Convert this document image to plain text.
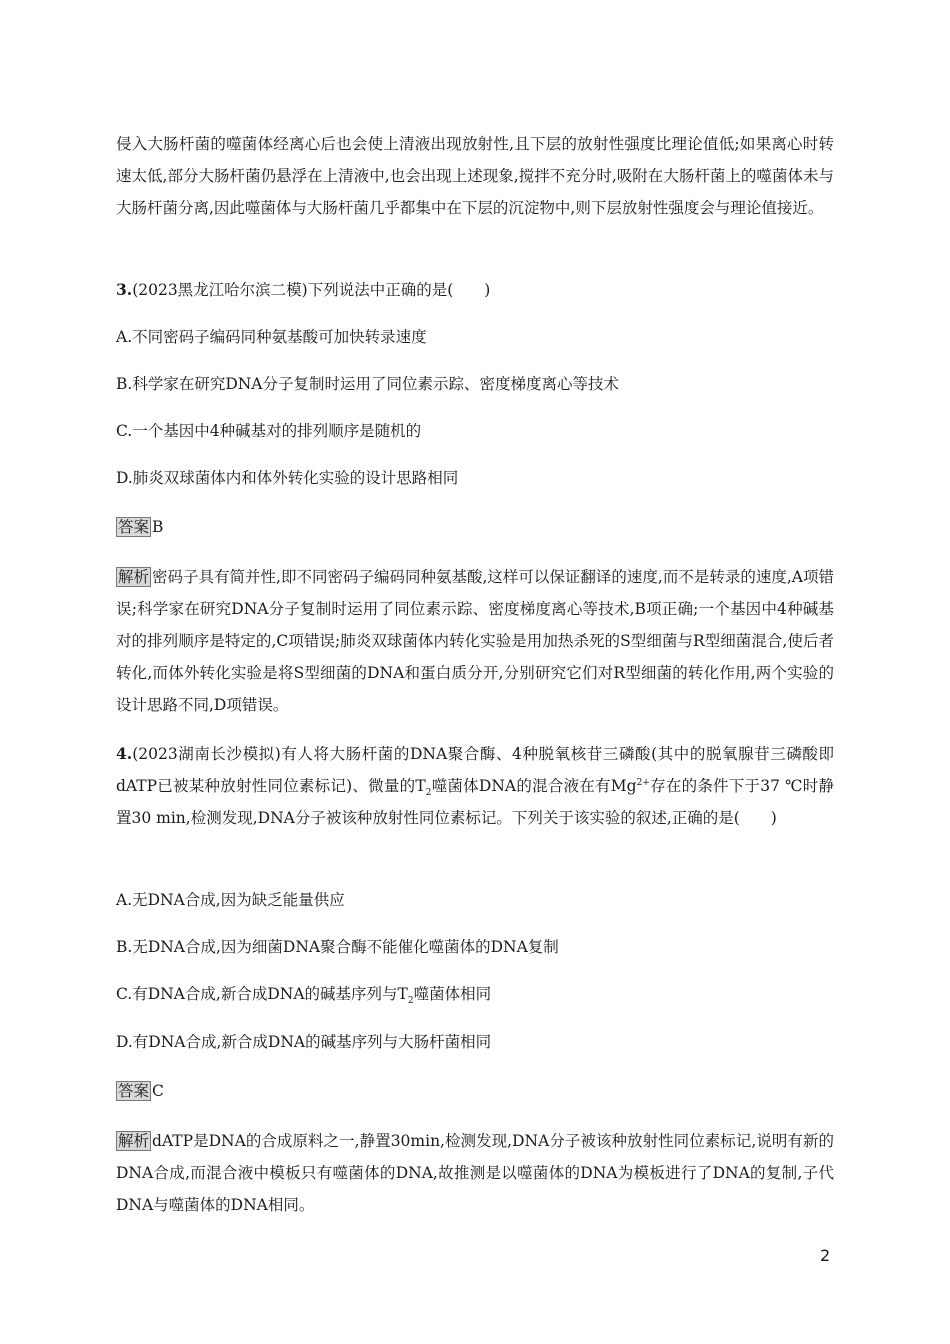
侵入大肠杆菌的噬菌体经离心后也会使上清液出现放射性,且下层的放射性强度比理论值低;如果离心时转速太低,部分大肠杆菌仍悬浮在上清液中,也会出现上述现象,搅拌不充分时,吸附在大肠杆菌上的噬菌体未与大肠杆菌分离,因此噬菌体与大肠杆菌几乎都集中在下层的沉淀物中,则下层放射性强度会与理论值接近。

3.(2023黑龙江哈尔滨二模)下列说法中正确的是(　　)

A.不同密码子编码同种氨基酸可加快转录速度

B.科学家在研究DNA分子复制时运用了同位素示踪、密度梯度离心等技术

C.一个基因中4种碱基对的排列顺序是随机的

D.肺炎双球菌体内和体外转化实验的设计思路相同

答案 B

解析 密码子具有简并性,即不同密码子编码同种氨基酸,这样可以保证翻译的速度,而不是转录的速度,A项错误;科学家在研究DNA分子复制时运用了同位素示踪、密度梯度离心等技术,B项正确;一个基因中4种碱基对的排列顺序是特定的,C项错误;肺炎双球菌体内转化实验是用加热杀死的S型细菌与R型细菌混合,使后者转化,而体外转化实验是将S型细菌的DNA和蛋白质分开,分别研究它们对R型细菌的转化作用,两个实验的设计思路不同,D项错误。

4.(2023湖南长沙模拟)有人将大肠杆菌的DNA聚合酶、4种脱氧核苷三磷酸(其中的脱氧腺苷三磷酸即dATP已被某种放射性同位素标记)、微量的$T_2$噬菌体DNA的混合液在有$Mg^{2+}$存在的条件下于37 ℃时静置30 min,检测发现,DNA分子被该种放射性同位素标记。下列关于该实验的叙述,正确的是(　　)

A.无DNA合成,因为缺乏能量供应

B.无DNA合成,因为细菌DNA聚合酶不能催化噬菌体的DNA复制

C.有DNA合成,新合成DNA的碱基序列与$T_2$噬菌体相同

D.有DNA合成,新合成DNA的碱基序列与大肠杆菌相同

答案 C

解析 dATP是DNA的合成原料之一,静置30min,检测发现,DNA分子被该种放射性同位素标记,说明有新的DNA合成,而混合液中模板只有噬菌体的DNA,故推测是以噬菌体的DNA为模板进行了DNA的复制,子代DNA与噬菌体的DNA相同。

2
